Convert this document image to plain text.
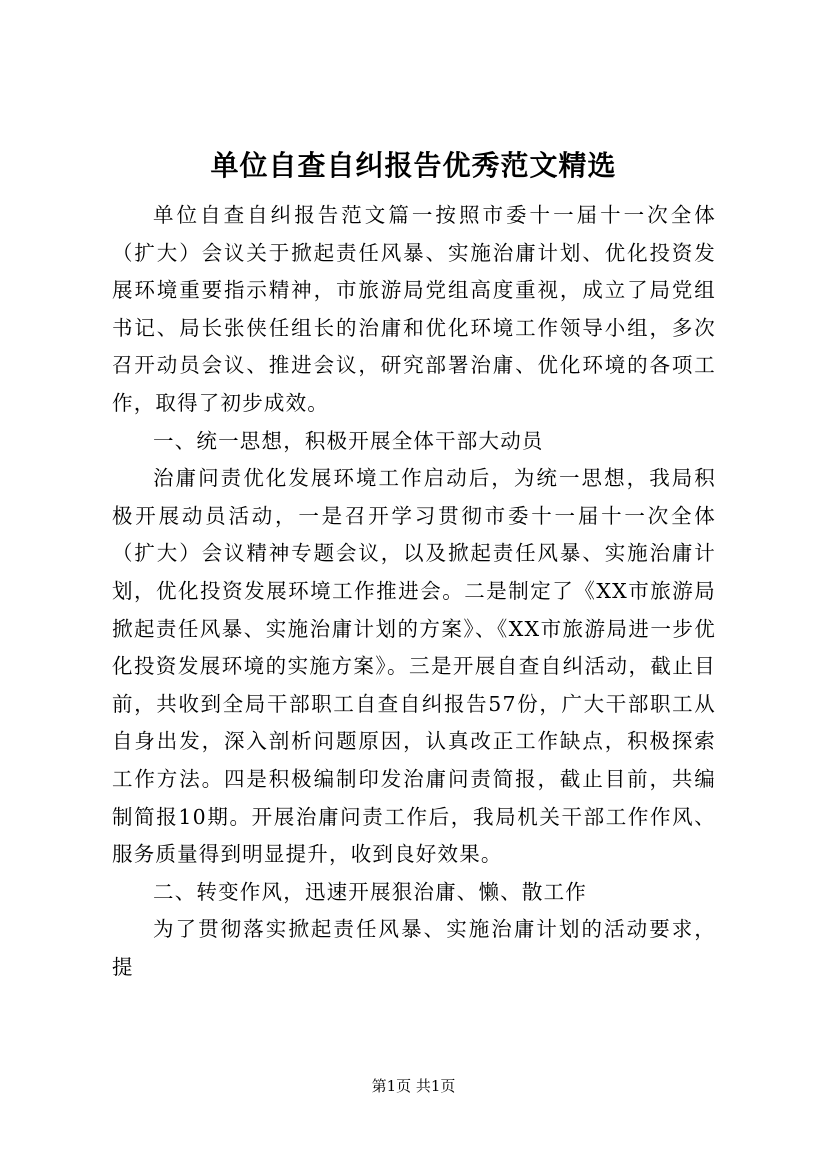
单位自查自纠报告优秀范文精选

单位自查自纠报告范文篇一按照市委十一届十一次全体（扩大）会议关于掀起责任风暴、实施治庸计划、优化投资发展环境重要指示精神，市旅游局党组高度重视，成立了局党组书记、局长张侠任组长的治庸和优化环境工作领导小组，多次召开动员会议、推进会议，研究部署治庸、优化环境的各项工作，取得了初步成效。

一、统一思想，积极开展全体干部大动员

治庸问责优化发展环境工作启动后，为统一思想，我局积极开展动员活动，一是召开学习贯彻市委十一届十一次全体（扩大）会议精神专题会议，以及掀起责任风暴、实施治庸计划，优化投资发展环境工作推进会。二是制定了《XX市旅游局掀起责任风暴、实施治庸计划的方案》、《XX市旅游局进一步优化投资发展环境的实施方案》。三是开展自查自纠活动，截止目前，共收到全局干部职工自查自纠报告57份，广大干部职工从自身出发，深入剖析问题原因，认真改正工作缺点，积极探索工作方法。四是积极编制印发治庸问责简报，截止目前，共编制简报10期。开展治庸问责工作后，我局机关干部工作作风、服务质量得到明显提升，收到良好效果。

二、转变作风，迅速开展狠治庸、懒、散工作

为了贯彻落实掀起责任风暴、实施治庸计划的活动要求，提

第1页 共1页
